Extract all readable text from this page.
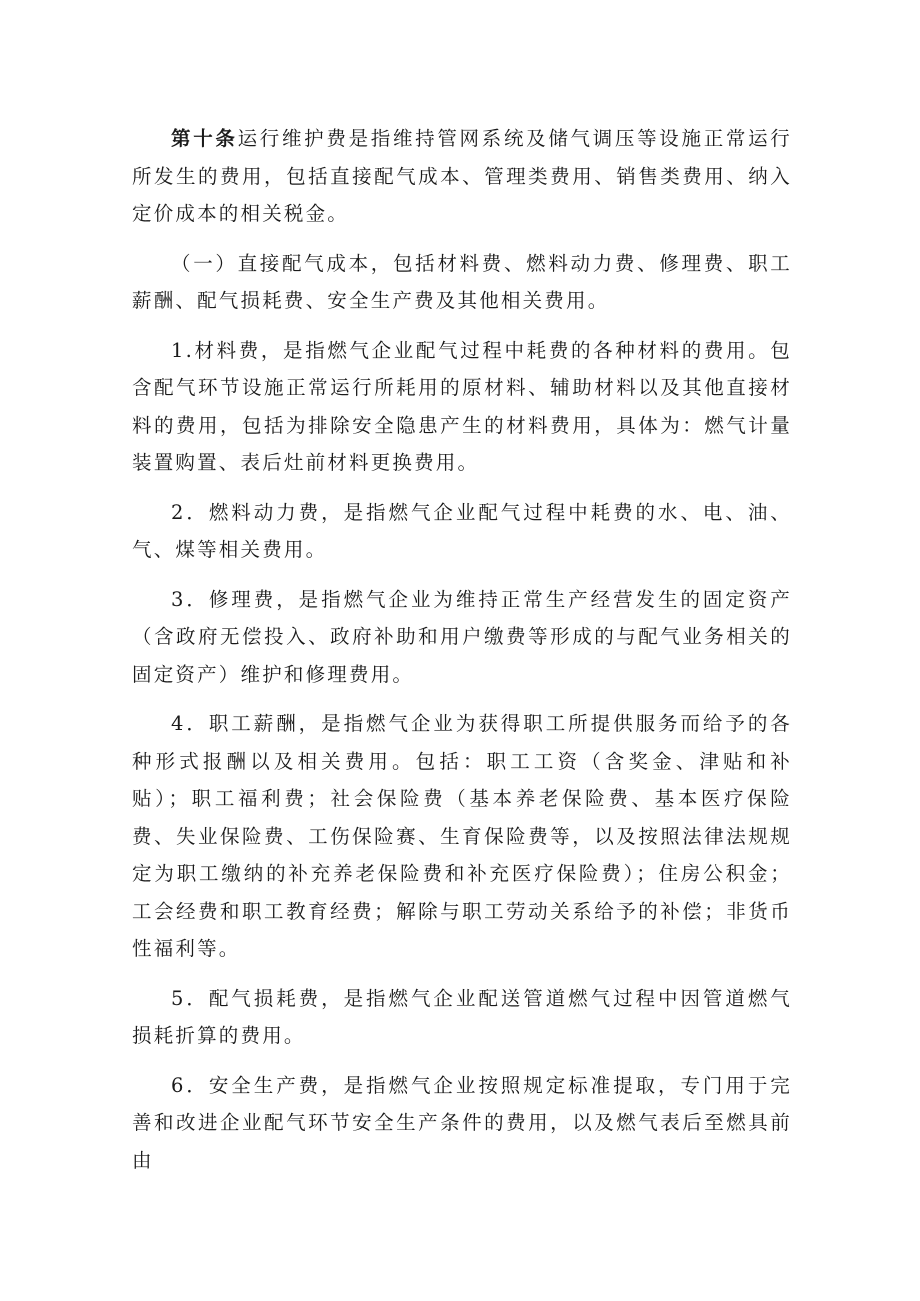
第十条运行维护费是指维持管网系统及储气调压等设施正常运行所发生的费用，包括直接配气成本、管理类费用、销售类费用、纳入定价成本的相关税金。

（一）直接配气成本，包括材料费、燃料动力费、修理费、职工薪酬、配气损耗费、安全生产费及其他相关费用。

1.材料费，是指燃气企业配气过程中耗费的各种材料的费用。包含配气环节设施正常运行所耗用的原材料、辅助材料以及其他直接材料的费用，包括为排除安全隐患产生的材料费用，具体为：燃气计量装置购置、表后灶前材料更换费用。

2．燃料动力费，是指燃气企业配气过程中耗费的水、电、油、气、煤等相关费用。

3．修理费，是指燃气企业为维持正常生产经营发生的固定资产（含政府无偿投入、政府补助和用户缴费等形成的与配气业务相关的固定资产）维护和修理费用。

4．职工薪酬，是指燃气企业为获得职工所提供服务而给予的各种形式报酬以及相关费用。包括：职工工资（含奖金、津贴和补贴）；职工福利费；社会保险费（基本养老保险费、基本医疗保险费、失业保险费、工伤保险赛、生育保险费等，以及按照法律法规规定为职工缴纳的补充养老保险费和补充医疗保险费）；住房公积金；工会经费和职工教育经费；解除与职工劳动关系给予的补偿；非货币性福利等。

5．配气损耗费，是指燃气企业配送管道燃气过程中因管道燃气损耗折算的费用。

6．安全生产费，是指燃气企业按照规定标准提取，专门用于完善和改进企业配气环节安全生产条件的费用，以及燃气表后至燃具前由
